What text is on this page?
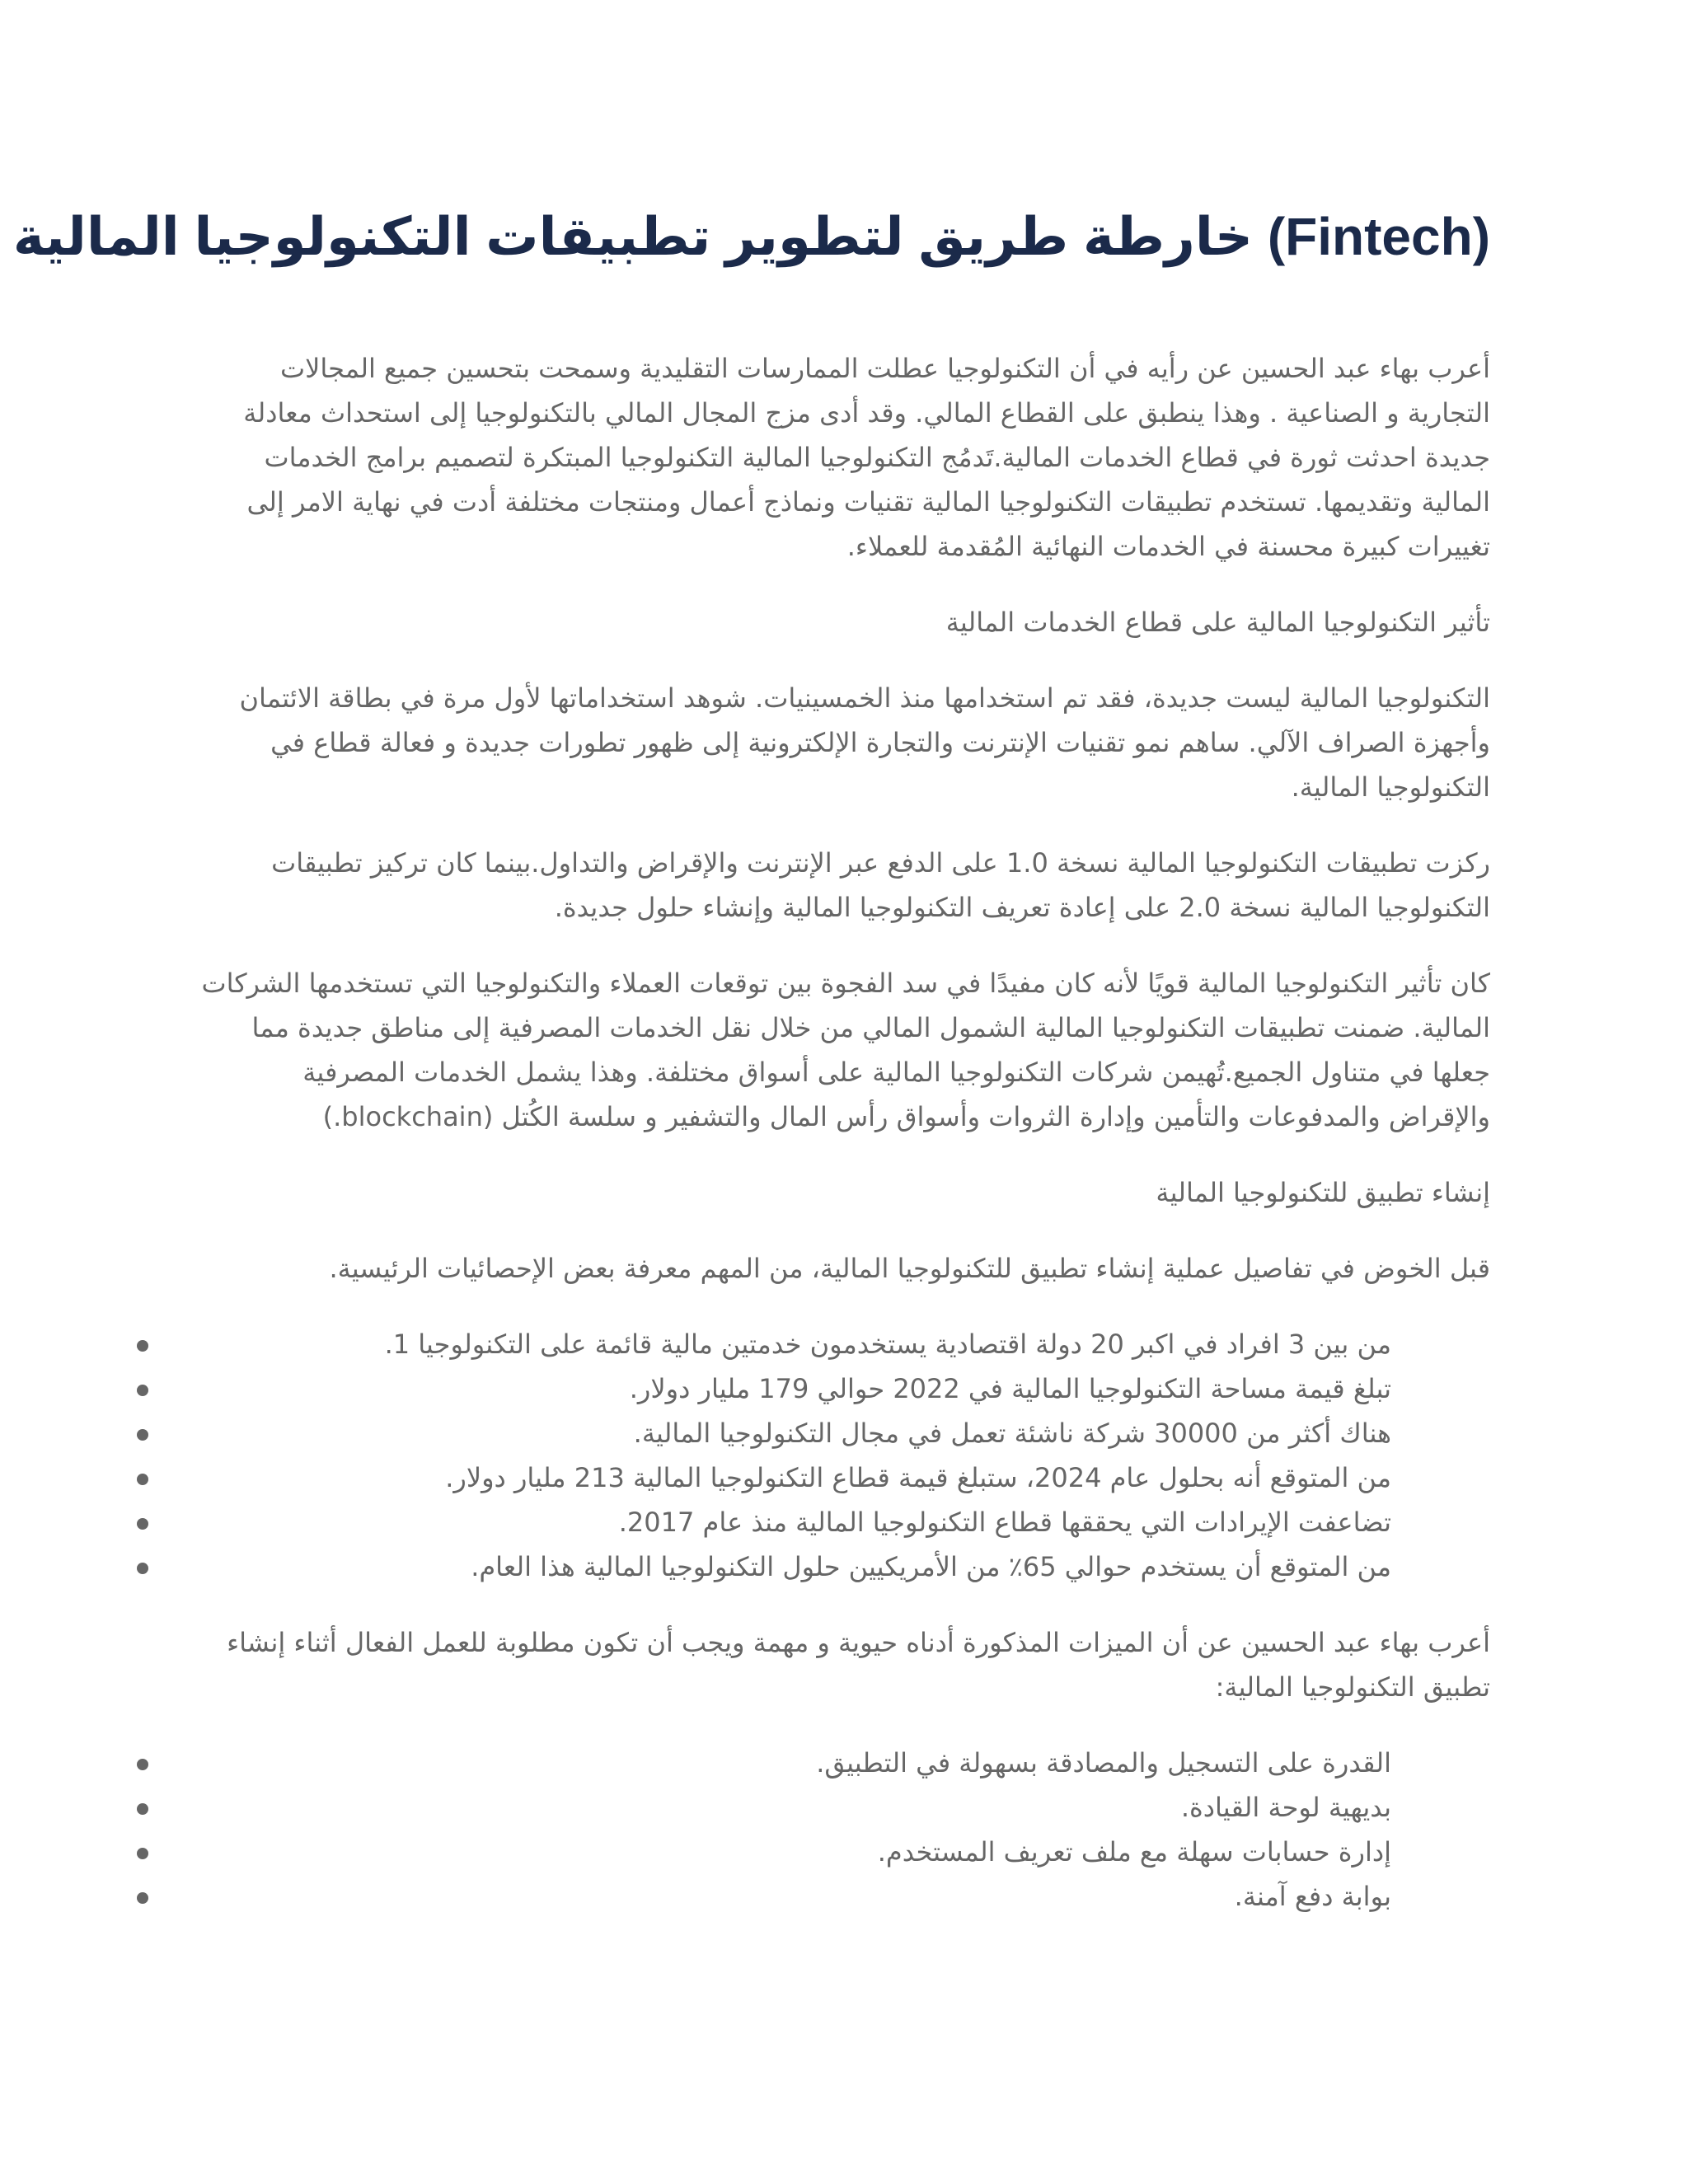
(Fintech) خارطة طريق لتطوير تطبيقات التكنولوجيا المالية

أعرب بهاء عبد الحسين عن رأيه في أن التكنولوجيا عطلت الممارسات التقليدية وسمحت بتحسين جميع المجالات التجارية و الصناعية . وهذا ينطبق على القطاع المالي. وقد أدى مزج المجال المالي بالتكنولوجيا إلى استحداث معادلة جديدة احدثت ثورة في قطاع الخدمات المالية.تَدمُج التكنولوجيا المالية التكنولوجيا المبتكرة لتصميم برامج الخدمات المالية وتقديمها. تستخدم تطبيقات التكنولوجيا المالية تقنيات ونماذج أعمال ومنتجات مختلفة أدت في نهاية الامر إلى تغييرات كبيرة محسنة في الخدمات النهائية المُقدمة للعملاء.

تأثير التكنولوجيا المالية على قطاع الخدمات المالية

التكنولوجيا المالية ليست جديدة، فقد تم استخدامها منذ الخمسينيات. شوهد استخداماتها لأول مرة في بطاقة الائتمان وأجهزة الصراف الآلي. ساهم نمو تقنيات الإنترنت والتجارة الإلكترونية إلى ظهور تطورات جديدة و فعالة قطاع في التكنولوجيا المالية.

ركزت تطبيقات التكنولوجيا المالية نسخة 1.0 على الدفع عبر الإنترنت والإقراض والتداول.بينما كان تركيز تطبيقات التكنولوجيا المالية نسخة 2.0 على إعادة تعريف التكنولوجيا المالية وإنشاء حلول جديدة.

كان تأثير التكنولوجيا المالية قويًا لأنه كان مفيدًا في سد الفجوة بين توقعات العملاء والتكنولوجيا التي تستخدمها الشركات المالية. ضمنت تطبيقات التكنولوجيا المالية الشمول المالي من خلال نقل الخدمات المصرفية إلى مناطق جديدة مما جعلها في متناول الجميع.تُهيمن شركات التكنولوجيا المالية على أسواق مختلفة. وهذا يشمل الخدمات المصرفية والإقراض والمدفوعات والتأمين وإدارة الثروات وأسواق رأس المال والتشفير و سلسة الكُتل (blockchain.)

إنشاء تطبيق للتكنولوجيا المالية

قبل الخوض في تفاصيل عملية إنشاء تطبيق للتكنولوجيا المالية، من المهم معرفة بعض الإحصائيات الرئيسية.

من بين 3 افراد في اكبر 20 دولة اقتصادية يستخدمون خدمتين مالية قائمة على التكنولوجيا 1.
تبلغ قيمة مساحة التكنولوجيا المالية في 2022 حوالي 179 مليار دولار.
هناك أكثر من 30000 شركة ناشئة تعمل في مجال التكنولوجيا المالية.
من المتوقع أنه بحلول عام 2024، ستبلغ قيمة قطاع التكنولوجيا المالية 213 مليار دولار.
تضاعفت الإيرادات التي يحققها قطاع التكنولوجيا المالية منذ عام 2017.
من المتوقع أن يستخدم حوالي 65٪ من الأمريكيين حلول التكنولوجيا المالية هذا العام.

أعرب بهاء عبد الحسين عن أن الميزات المذكورة أدناه حيوية و مهمة ويجب أن تكون مطلوبة للعمل الفعال أثناء إنشاء تطبيق التكنولوجيا المالية:

القدرة على التسجيل والمصادقة بسهولة في التطبيق.
بديهية لوحة القيادة.
إدارة حسابات سهلة مع ملف تعريف المستخدم.
بوابة دفع آمنة.
